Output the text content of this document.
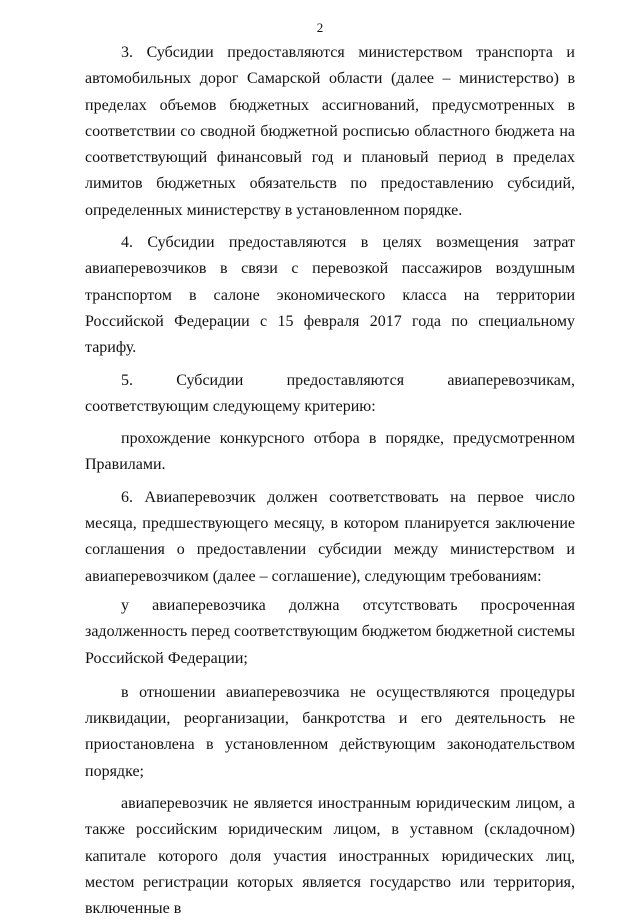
2

3. Субсидии предоставляются министерством транспорта и автомобильных дорог Самарской области (далее – министерство) в пределах объемов бюджетных ассигнований, предусмотренных в соответствии со сводной бюджетной росписью областного бюджета на соответствующий финансовый год и плановый период в пределах лимитов бюджетных обязательств по предоставлению субсидий, определенных министерству в установленном порядке.

4. Субсидии предоставляются в целях возмещения затрат авиаперевозчиков в связи с перевозкой пассажиров воздушным транспортом в салоне экономического класса на территории Российской Федерации с 15 февраля 2017 года по специальному тарифу.

5. Субсидии предоставляются авиаперевозчикам, соответствующим следующему критерию:

прохождение конкурсного отбора в порядке, предусмотренном Правилами.

6. Авиаперевозчик должен соответствовать на первое число месяца, предшествующего месяцу, в котором планируется заключение соглашения о предоставлении субсидии между министерством и авиаперевозчиком (далее – соглашение), следующим требованиям:

у авиаперевозчика должна отсутствовать просроченная задолженность перед соответствующим бюджетом бюджетной системы Российской Федерации;

в отношении авиаперевозчика не осуществляются процедуры ликвидации, реорганизации, банкротства и его деятельность не приостановлена в установленном действующим законодательством порядке;

авиаперевозчик не является иностранным юридическим лицом, а также российским юридическим лицом, в уставном (складочном) капитале которого доля участия иностранных юридических лиц, местом регистрации которых является государство или территория, включенные в
